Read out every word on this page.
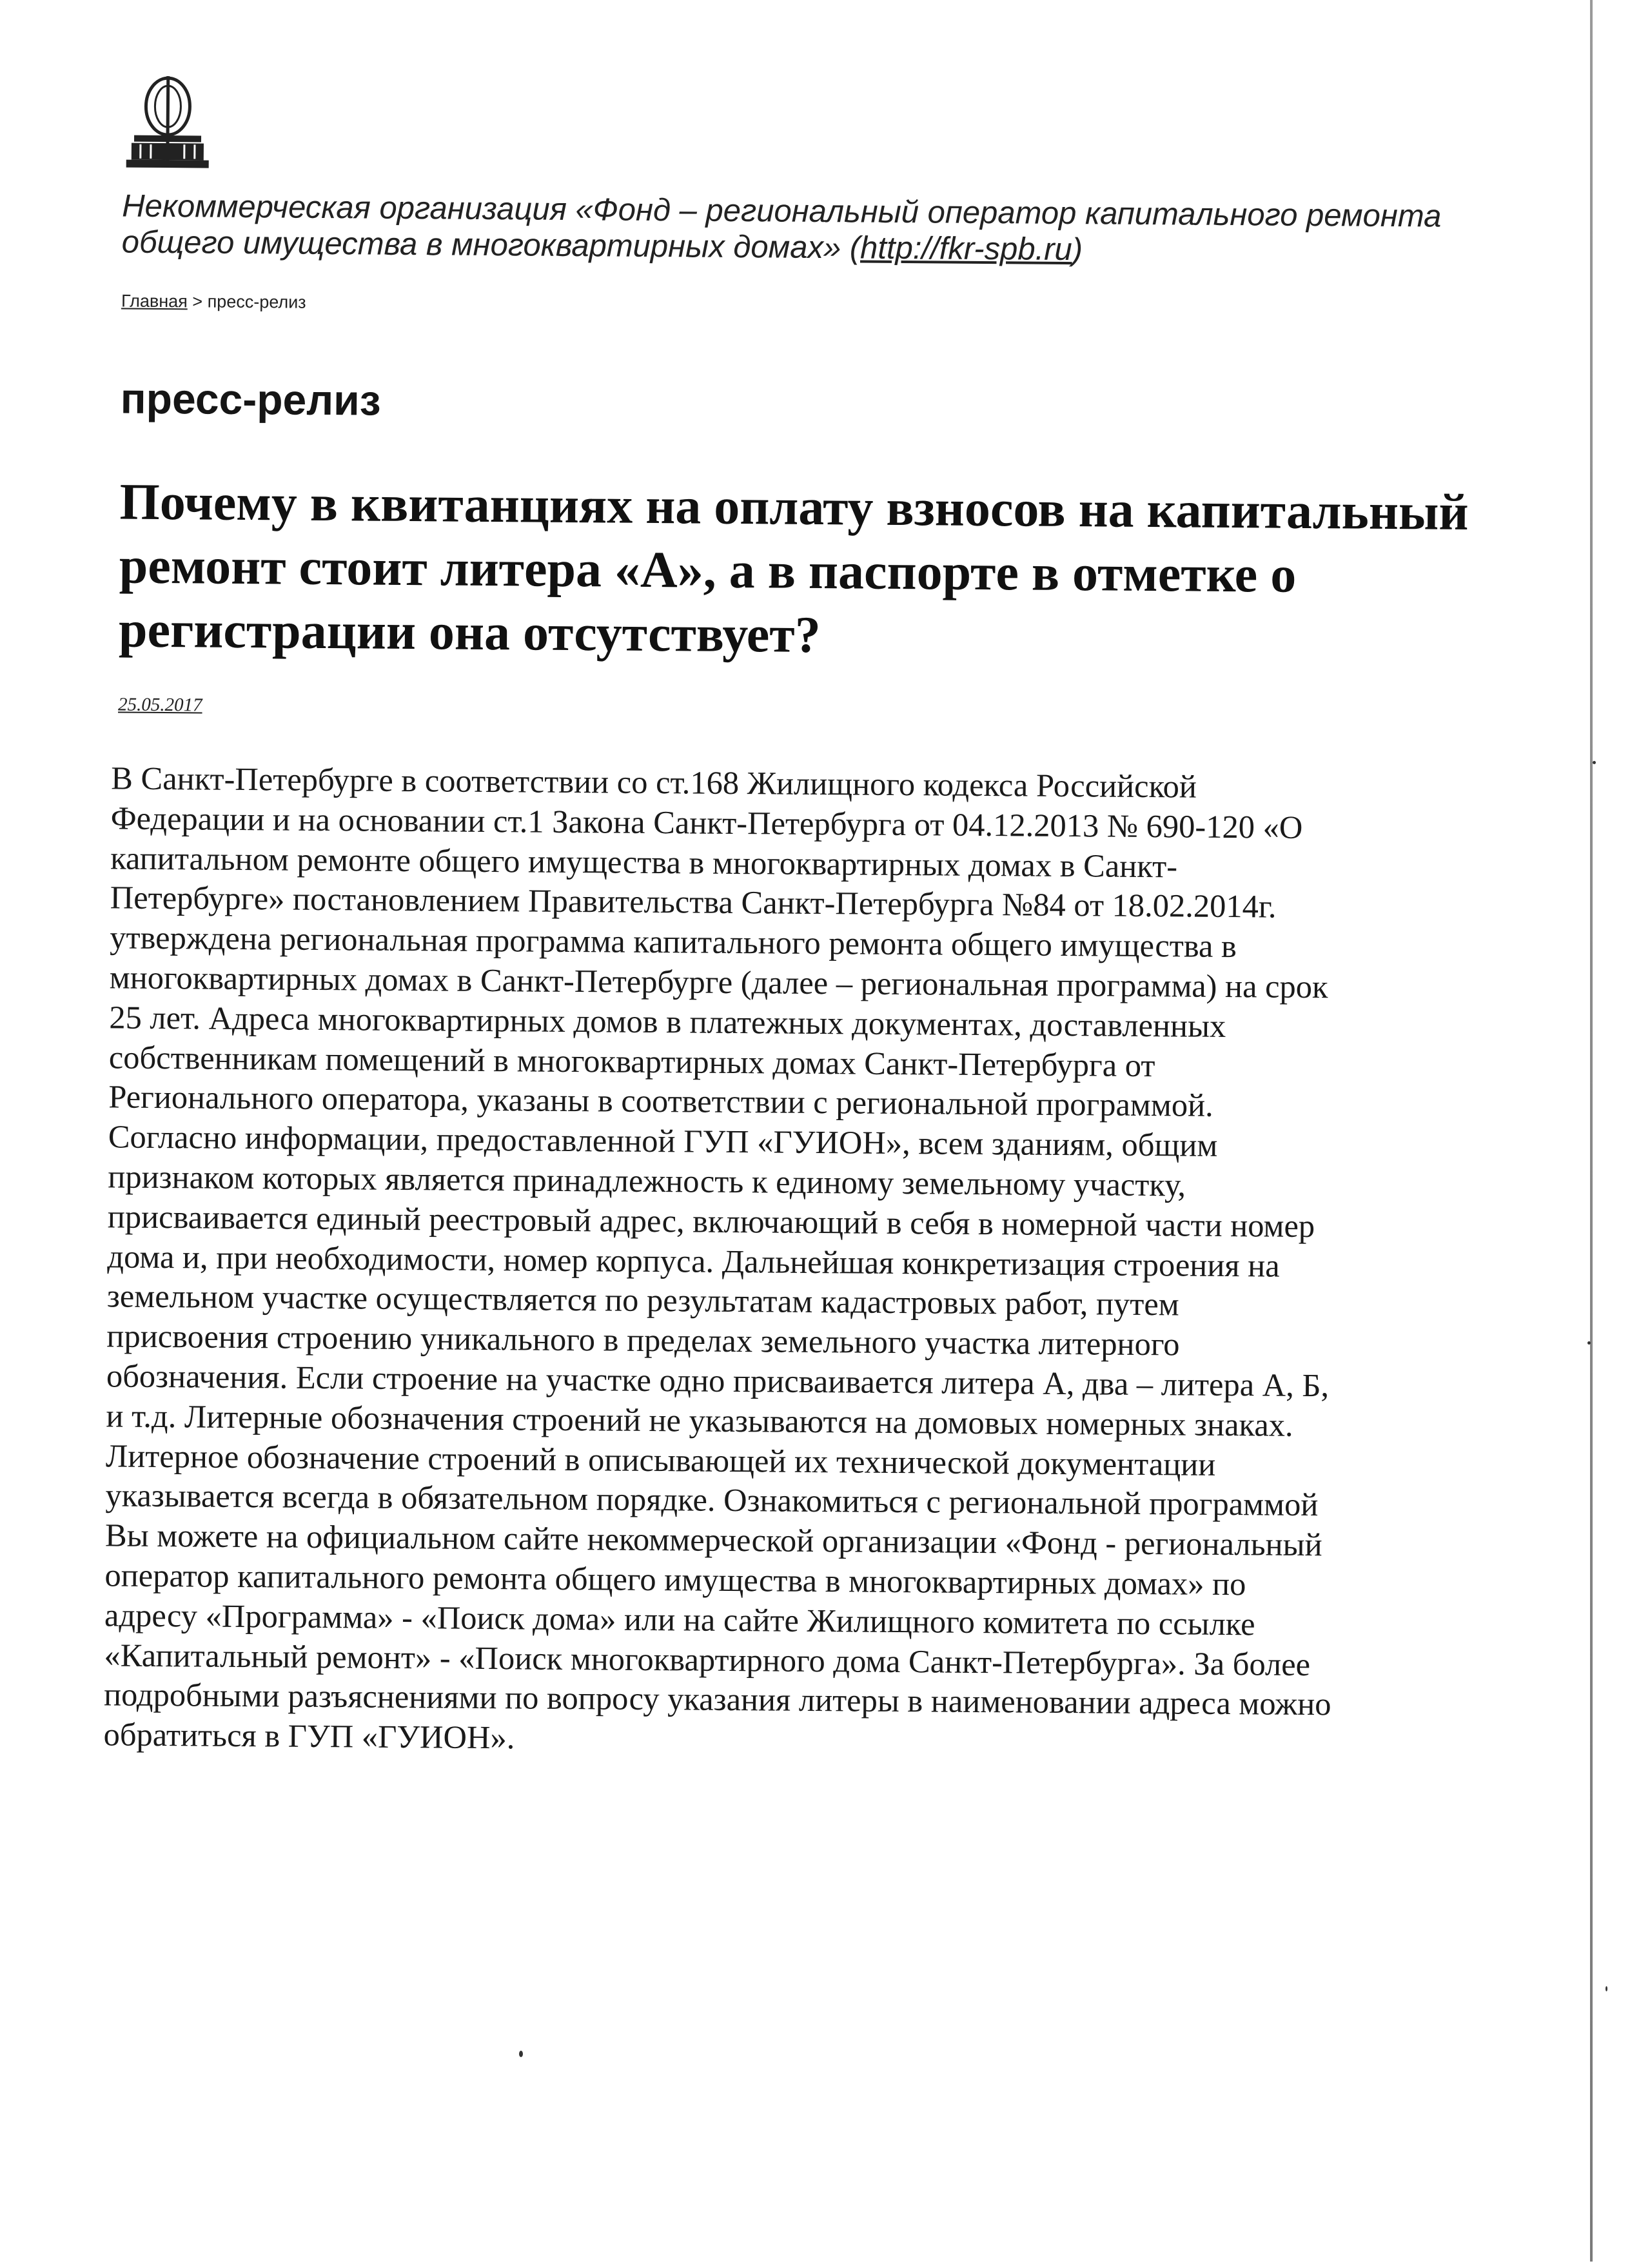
Некоммерческая организация «Фонд – региональный оператор капитального ремонта
общего имущества в многоквартирных домах» (http://fkr-spb.ru)
Главная > пресс-релиз
пресс-релиз
Почему в квитанциях на оплату взносов на капитальный
ремонт стоит литера «А», а в паспорте в отметке о
регистрации она отсутствует?
25.05.2017
В Санкт-Петербурге в соответствии со ст.168 Жилищного кодекса Российской
Федерации и на основании ст.1 Закона Санкт-Петербурга от 04.12.2013 № 690-120 «О
капитальном ремонте общего имущества в многоквартирных домах в Санкт-
Петербурге» постановлением Правительства Санкт-Петербурга №84 от 18.02.2014г.
утверждена региональная программа капитального ремонта общего имущества в
многоквартирных домах в Санкт-Петербурге (далее – региональная программа) на срок
25 лет. Адреса многоквартирных домов в платежных документах, доставленных
собственникам помещений в многоквартирных домах Санкт-Петербурга от
Регионального оператора, указаны в соответствии с региональной программой.
Согласно информации, предоставленной ГУП «ГУИОН», всем зданиям, общим
признаком которых является принадлежность к единому земельному участку,
присваивается единый реестровый адрес, включающий в себя в номерной части номер
дома и, при необходимости, номер корпуса. Дальнейшая конкретизация строения на
земельном участке осуществляется по результатам кадастровых работ, путем
присвоения строению уникального в пределах земельного участка литерного
обозначения. Если строение на участке одно присваивается литера А, два – литера А, Б,
и т.д. Литерные обозначения строений не указываются на домовых номерных знаках.
Литерное обозначение строений в описывающей их технической документации
указывается всегда в обязательном порядке. Ознакомиться с региональной программой
Вы можете на официальном сайте некоммерческой организации «Фонд - региональный
оператор капитального ремонта общего имущества в многоквартирных домах» по
адресу «Программа» - «Поиск дома» или на сайте Жилищного комитета по ссылке
«Капитальный ремонт» - «Поиск многоквартирного дома Санкт-Петербурга». За более
подробными разъяснениями по вопросу указания литеры в наименовании адреса можно
обратиться в ГУП «ГУИОН».
